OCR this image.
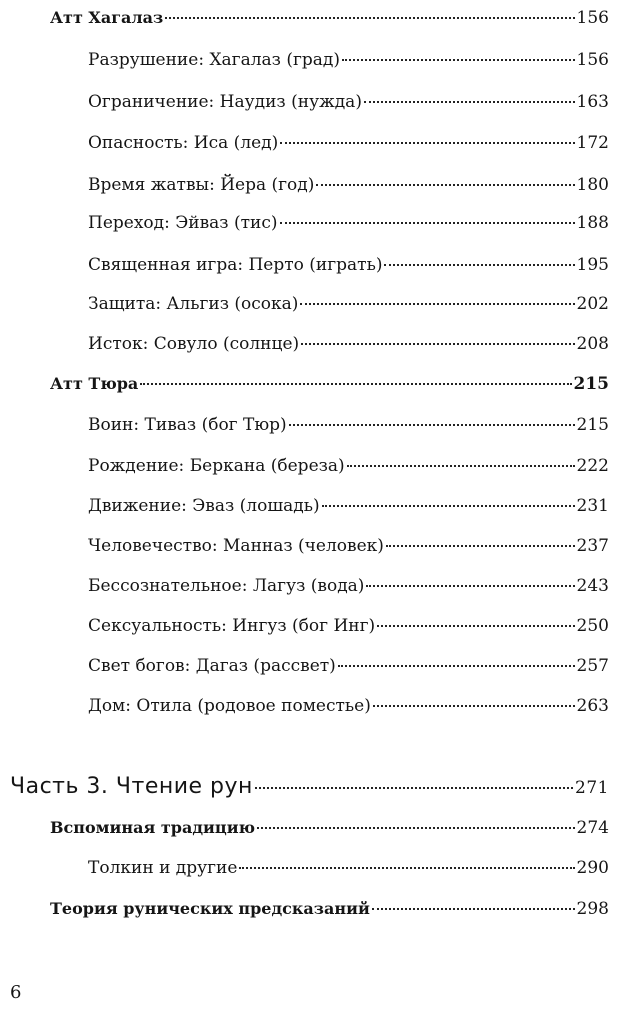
Атт Хагалаз	156
Разрушение: Хагалаз (град)	156
Ограничение: Наудиз (нужда)	163
Опасность: Иса (лед)	172
Время жатвы: Йера (год)	180
Переход: Эйваз (тис)	188
Священная игра: Перто (играть)	195
Защита: Альгиз (осока)	202
Исток: Совуло (солнце)	208
Атт Тюра	215
Воин: Тиваз (бог Тюр)	215
Рождение: Беркана (береза)	222
Движение: Эваз (лошадь)	231
Человечество: Манназ (человек)	237
Бессознательное: Лагуз (вода)	243
Сексуальность: Ингуз (бог Инг)	250
Свет богов: Дагаз (рассвет)	257
Дом: Отила (родовое поместье)	263
Часть 3. Чтение рун	271
Вспоминая традицию	274
Толкин и другие	290
Теория рунических предсказаний	298
6
